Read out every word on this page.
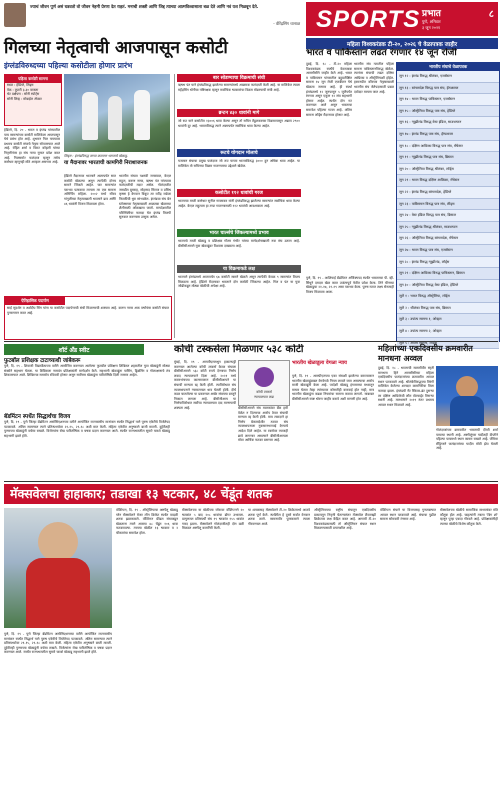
ज्याचं जीवन पूर्ण असं घडवतो वो जीवन नेहमी प्रेरणा देत राहतं. मनाची शक्ती आणि जिद्द त्याच्या आत्मविश्वासाला बळ देते आणि नवं यश मिळवून देते.
- वीरेंद्रसिंग धानाळ SPORTS प्रभात
पुणे, शनिवार
३ जून २०२१
८
गिलच्या नेतृत्वाची आजपासून कसोटी
इंग्लंडविरुध्दच्या पहिल्या कसोटीला होणार प्रारंभ
पहिला कसोटी सामना
स्थळ : हेडिंग्ले, लिड्स
वेळ : दुपारी ३.३० वाजता
थेट प्रक्षेपण : सोनी स्पोर्ट्स
सोनी लिव्ह : मोबाईल अ‍ॅपवर
हेडिंग्ले, दि. २० - भारत व इंग्लंड यांच्यातील पाच सामन्यांच्या कसोटी मालिकेला आजपासून येथे प्रारंभ होत आहे. शुभमन गिल याच्यावर प्रथमच कसोटी संघाचे नेतृत्व सोपवण्यात आले आहे. रोहित शर्मा व विराट कोहली यांच्या निवृत्तीनंतर हा संघ नव्या युगात प्रवेश करत आहे. गिलसमोर फलंदाज म्हणून तसेच कर्णधार म्हणूनही मोठे आव्हान असणार आहे.
लिड्स : इंग्लंडविरुद्ध सराव करताना भारताचे खेळाडू.
या मैदानावर भारताची कामगिरी निराशाजनक
हेडिंग्ले मैदानावर भारताने आतापर्यंत सात कसोटी खेळल्या असून त्यापैकी दोनच सामने जिंकले आहेत. चार सामन्यांत पराभव पत्करावा लागला तर एक सामना अनिर्णित राहिला. २००२ मध्ये सौरव गांगुलीच्या नेतृत्वाखाली भारताने डाव आणि ४६ धावांनी विजय मिळवला होता.
भारतीय संघात यशस्वी जयस्वाल, केएल राहुल, करुण नायर, ऋषभ पंत यांच्यावर फलंदाजीची मदार असेल. गोलंदाजीत जसप्रीत बुमराह, मोहम्मद सिराज व प्रसिध कृष्णा हे वेगवान त्रिकूट तर रवींद्र जडेजा फिरकीची धुरा सांभाळेल. इंग्लंडचा संघ बेन स्टोक्सच्या नेतृत्वाखाली आक्रमक खेळाच्या शैलीसाठी ओळखला जातो. मायदेशातील परिस्थितीचा फायदा घेत इंग्लंड विजयी सुरुवात करण्यास उत्सुक असेल.
ऐतिहासिक पदार्पण
साई सुदर्शन व अर्शदीप सिंग यांना या कसोटीत पदार्पणाची संधी मिळण्याची शक्यता आहे. करुण नायर आठ वर्षांनंतर कसोटी संघात पुनरागमन करत आहे.
बार सोडण्याचा विक्रमाची संधी
ऋषभ पंत याने इंग्लंडविरुद्ध झालेल्या सामन्यांमध्ये आक्रमक फलंदाजी केली आहे. या मालिकेत त्याला महेंद्रसिंग धोनीचा यष्टिरक्षक म्हणून सर्वाधिक षटकारांचा विक्रम मोडण्याची संधी आहे.
ब्रन्टन ४३० धावांनी मागे
जो रूट याने कसोटीत १३००६ धावा केल्या असून तो सचिन तेंडुलकरच्या विक्रमापासून अद्याप २९०० धावांनी दूर आहे. भारताविरुद्ध त्याने आतापर्यंत सर्वाधिक धावा केल्या आहेत.
रूटचे योगदान मोलाचे
यजमान संघाचा प्रमुख फलंदाज जो रूट याच्या भारताविरुद्ध ३००० हून अधिक धावा आहेत. या मालिकेत तो सचिनचा विक्रम गाठण्याच्या उद्देशाने खेळेल.
कसोटीत ११२ धावांची गरज
भारताचा माजी कर्णधार सुनील गावसकर यांनी इंग्लंडविरुद्ध झालेल्या सामन्यांत सर्वाधिक धावा केल्या आहेत. केएल राहुलला हा टप्पा गाठण्यासाठी ११२ धावांची आवश्यकता आहे.
भारत चार्ल्सचे जिंकल्यामध्ये प्रभाव
भारताचे माजी खेळाडू व प्रशिक्षक गौतम गंभीर यांच्या मार्गदर्शनाखाली नवा संघ उतरत आहे. बीसीसीआयने युवा खेळाडूंवर विश्वास दाखवला आहे.
या विक्रमाकडे लक्ष
भारताने इंग्लंडमध्ये आतापर्यंत ६७ कसोटी सामने खेळले असून त्यापैकी केवळ ९ सामन्यांत विजय मिळवला आहे. हेडिंग्ले मैदानावर भारताने दोन कसोटी जिंकल्या आहेत. गिल व पंत या युवा जोडीकडून मोठ्या खेळीची अपेक्षा आहे.
महिला विश्वकरंडक टी-२०, २०२६ चे वेळापत्रक जाहीर
भारत व पाकिस्तान लढत रंगणार १४ जून रोजी
दुबई, दि. १८ - टी-२० महिला विश्वकरंडक स्पर्धेचे वेळापत्रक आयसीसीने जाहीर केले आहे. भारत व पाकिस्तान यांच्यातील बहुप्रतीक्षित सामना १४ जून रोजी एजबॅस्टन येथे खेळला जाणार आहे. ही स्पर्धा इंग्लंडमध्ये १२ जूनपासून ५ जुलैपर्यंत रंगणार असून एकूण १२ संघ सहभागी होणार आहेत. स्पर्धेत दोन गट करण्यात आले असून भारताचा समावेश पहिल्या गटात आहे. अंतिम सामना लॉर्ड्स मैदानावर होणार आहे.
भारतीय संघ गटातील पहिला सामना पाकिस्तानविरुद्ध खेळेल. त्यानंतर संघाची लढत दक्षिण आफ्रिका व ऑस्ट्रेलियाशी होईल. हरमनप्रीत कौरच्या नेतृत्वाखाली भारतीय संघ जेतेपदासाठी प्रबळ दावेदार मानला जात आहे.
भारतीय संघाचे वेळापत्रक
जून १२ : इंग्लंड विरुद्ध श्रीलंका, एजबॅस्टन
जून १३ : बांगलादेश विरुद्ध पात्र संघ, हॅम्पशायर
जून १४ : भारत विरुद्ध पाकिस्तान, एजबॅस्टन
जून १५ : ऑस्ट्रेलिया विरुद्ध पात्र संघ, हेडिंग्ले
जून १६ : न्यूझीलंड विरुद्ध वेस्ट इंडिज, साउथम्प्टन
जून १७ : इंग्लंड विरुद्ध पात्र संघ, हॅम्पशायर
जून १८ : दक्षिण आफ्रिका विरुद्ध पात्र संघ, मँचेस्टर
जून १९ : न्यूझीलंड विरुद्ध पात्र संघ, ब्रिस्टल
जून २० : ऑस्ट्रेलिया विरुद्ध श्रीलंका, लॉर्ड्स
जून २१ : भारत विरुद्ध दक्षिण आफ्रिका, मँचेस्टर
जून २२ : इंग्लंड विरुद्ध बांगलादेश, हेडिंग्ले
जून २३ : पाकिस्तान विरुद्ध पात्र संघ, लीड्स
जून २४ : वेस्ट इंडिज विरुद्ध पात्र संघ, ब्रिस्टल
जून २५ : न्यूझीलंड विरुद्ध श्रीलंका, साउथम्प्टन
जून २६ : ऑस्ट्रेलिया विरुद्ध बांगलादेश, मँचेस्टर
जून २७ : भारत विरुद्ध पात्र संघ, एजबॅस्टन
जून २८ : इंग्लंड विरुद्ध न्यूझीलंड, लॉर्ड्स
जून २९ : दक्षिण आफ्रिका विरुद्ध पाकिस्तान, ब्रिस्टल
जून ३० : ऑस्ट्रेलिया विरुद्ध वेस्ट इंडिज, हेडिंग्ले
जुलै १ : भारत विरुद्ध ऑस्ट्रेलिया, लॉर्ड्स
जुलै २ : श्रीलंका विरुद्ध पात्र संघ, ब्रिस्टल
जुलै ३ : उपांत्य सामना १, ओव्हल
जुलै ४ : उपांत्य सामना २, ओव्हल
जुलै ५ : अंतिम सामना, लॉर्ड्स
पुणे, दि. १९ - आशियाई बॅडमिंटन अजिंक्यपद स्पर्धेत भारताच्या पी. व्ही. सिंधूने दमदार खेळ करत उपांत्यपूर्व फेरीत प्रवेश केला. तिने चीनच्या खेळाडूचा २१-१७, २१-१९ असा पराभव केला. पुरुष गटात लक्ष्य सेनलाही विजय मिळवता आला.
शॉर्ट अँड स्वीट
फुटबॉल प्रशिक्षक टाटाच्याशी जांबेकरू
पुणे, दि. १९ - शिवाजी विद्यापीठाच्या वतीने आयोजित करण्यात आलेल्या फुटबॉल प्रशिक्षण शिबिरात शहरातील युवा खेळाडूंनी मोठ्या संख्येने सहभाग घेतला. या शिबिराला नामवंत प्रशिक्षकांनी मार्गदर्शन केले. सहभागी खेळाडूंना पासिंग, ड्रिबलिंग व गोलरक्षणाचे तंत्र शिकवण्यात आले. शिबिराचा समारोप रविवारी होणार असून सर्वोत्तम खेळाडूंना पारितोषिके दिली जाणार आहेत.
बॅडमिंटन स्पर्धेत सिद्धार्थचा विजय
पुणे, दि. १९ - पुणे जिल्हा बॅडमिंटन असोसिएशनच्या वतीने आयोजित राज्यस्तरीय मानांकन स्पर्धेत सिद्धार्थ याने पुरुष एकेरीचे विजेतेपद पटकावले. अंतिम सामन्यात त्याने प्रतिस्पर्ध्यावर २१-१५, २१-१८ अशी मात केली. महिला एकेरीत अनुष्काने बाजी मारली. दुहेरीतही पुण्याच्या खेळाडूंनी वर्चस्व राखले. विजेत्यांना रोख पारितोषिक व चषक प्रदान करण्यात आले. स्पर्धेत राज्यभरातील सुमारे चारशे खेळाडू सहभागी झाले होते.
कोची टस्कर्सला मिळणार ५३८ कोटी
मुंबई, दि. १९ - आयपीएलमधून हकालपट्टी करण्यात आलेल्या कोची टस्कर्स केरळ संघाला बीसीसीआयने ५३८ कोटी रुपये देण्याचा निर्णय लवाद न्यायालयाने दिला आहे. २०११ मध्ये करारभंगाच्या कारणावरून बीसीसीआयने या संघाची मान्यता रद्द केली होती. त्याविरोधात संघ व्यवस्थापनाने न्यायालयात धाव घेतली होती. दीर्घ काळ चाललेल्या या प्रकरणात अखेर संघाच्या बाजूने निकाल लागला आहे. बीसीसीआय या निर्णयाविरोधात सर्वोच्च न्यायालयात दाद मागण्याची शक्यता आहे.
कोची टस्कर्स
न्यायालयात लढा
बीसीसीआयने संघ मालकांवर बँक हमी वेळेत न दिल्याचा आरोप ठेवत संघाची मान्यता रद्द केली होती. मात्र लवादाने हा निर्णय बेकायदेशीर ठरवत संघ व्यवस्थापनाला नुकसानभरपाई देण्याचे आदेश दिले आहेत. या रकमेवर व्याजही द्यावे लागणार असल्याने बीसीसीआयला मोठा आर्थिक फटका बसणार आहे.
भारतीय खेळाडूला वेगळा न्याय
पुणे, दि. १९ - आयपीएलच्या एका संघाशी झालेल्या करारावरून भारतीय खेळाडूंबाबत वेगवेगळे नियम लावले जात असल्याचा आरोप माजी खेळाडूंनी केला आहे. परदेशी खेळाडू हंगामाच्या मध्यातून माघार घेतात तेव्हा त्यांच्यावर कोणतीही कारवाई होत नाही, मात्र भारतीय खेळाडूंना कडक नियमांचा सामना करावा लागतो. याबाबत बीसीसीआयने स्पष्ट धोरण जाहीर करावे अशी मागणी होत आहे.
महिलांच्या एकदिवसीय क्रमवारीत मानधना अव्वल
दुबई, दि. १८ - भारताची सलामीवीर स्मृती मानधना हिने आयसीसीच्या महिला एकदिवसीय फलंदाजांच्या क्रमवारीत अव्वल स्थान पटकावले आहे. श्रीलंकेविरुद्धच्या तिरंगी मालिकेत केलेल्या शानदार कामगिरीचा तिला फायदा झाला. इंग्लंडची नॅट स्किवर-ब्रंट दुसऱ्या तर दक्षिण आफ्रिकेची लॉरा वोल्वार्ड्ट तिसऱ्या स्थानी आहे. मानधनाने २०१९ नंतर प्रथमच अव्वल स्थान मिळवले आहे.
गोलंदाजांच्या क्रमवारीत भारताची दीप्ती शर्मा पाचव्या स्थानी आहे. अष्टपैलूंच्या यादीतही दीप्तीने पहिल्या पाचमध्ये स्थान कायम राखले आहे. जेमिमा रॉड्रिग्जने फलंदाजांच्या यादीत मोठी झेप घेतली आहे.
मॅक्सवेलचा हाहाकार; तडाखा १३ षटकार, ४८ चेंडूंत शतक
वॉशिंग्टन, दि. १९ - ऑस्ट्रेलियाचा अष्टपैलू खेळाडू ग्लेन मॅक्सवेलने मेजर लीग क्रिकेट स्पर्धेत वादळी शतक झळकावले. वॉशिंग्टन फ्रीडम संघाकडून खेळताना त्याने अवघ्या ४८ चेंडूंत १०६ धावा फटकावल्या. त्याच्या खेळीत १३ षटकार व २ चौकारांचा समावेश होता.
मॅक्सवेलच्या या खेळीच्या जोरावर वॉशिंग्टनने २० षटकांत ५ बाद २०८ धावांचा डोंगर उभारला. प्रत्युत्तरात प्रतिस्पर्धी संघ १९ षटकांत १५५ धावांत गारद झाला. मॅक्सवेलने गोलंदाजीतही दोन बळी मिळवत अष्टपैलू कामगिरी केली.
या शतकासह मॅक्सवेलने टी-२० क्रिकेटमध्ये आठवे शतक पूर्ण केले. स्पर्धेतील हे दुसरे सर्वात वेगवान शतक ठरले. सामनावीर पुरस्काराने त्याला गौरवण्यात आले.
ऑस्ट्रेलियाच्या राष्ट्रीय संघातून एकदिवसीय प्रकारातून निवृत्ती घेतल्यानंतर मॅक्सवेल फ्रँचायझी क्रिकेटवर लक्ष केंद्रित करत आहे. आगामी टी-२० विश्वकरंडकासाठी तो ऑस्ट्रेलियन संघात स्थान मिळवण्यासाठी प्रयत्नशील आहे.
वॉशिंग्टन संघाने या विजयासह गुणतक्त्यात अव्वल स्थान पटकावले आहे. संघाचा पुढील सामना सोमवारी रंगणार आहे.
मॅक्सवेलच्या खेळीचे सामाजिक माध्यमांवर मोठे कौतुक होत आहे. चाहत्यांनी त्याला 'बिग शो' म्हणून पुन्हा एकदा गौरवले आहे. प्रशिक्षकांनीही त्याच्या खेळीचे विशेष कौतुक केले.
पुणे, दि. १९ - पुणे जिल्हा बॅडमिंटन असोसिएशनच्या वतीने आयोजित राज्यस्तरीय मानांकन स्पर्धेत सिद्धार्थ याने पुरुष एकेरीचे विजेतेपद पटकावले. अंतिम सामन्यात त्याने प्रतिस्पर्ध्यावर २१-१५, २१-१८ अशी मात केली. महिला एकेरीत अनुष्काने बाजी मारली. दुहेरीतही पुण्याच्या खेळाडूंनी वर्चस्व राखले. विजेत्यांना रोख पारितोषिक व चषक प्रदान करण्यात आले. स्पर्धेत राज्यभरातील सुमारे चारशे खेळाडू सहभागी झाले होते.
